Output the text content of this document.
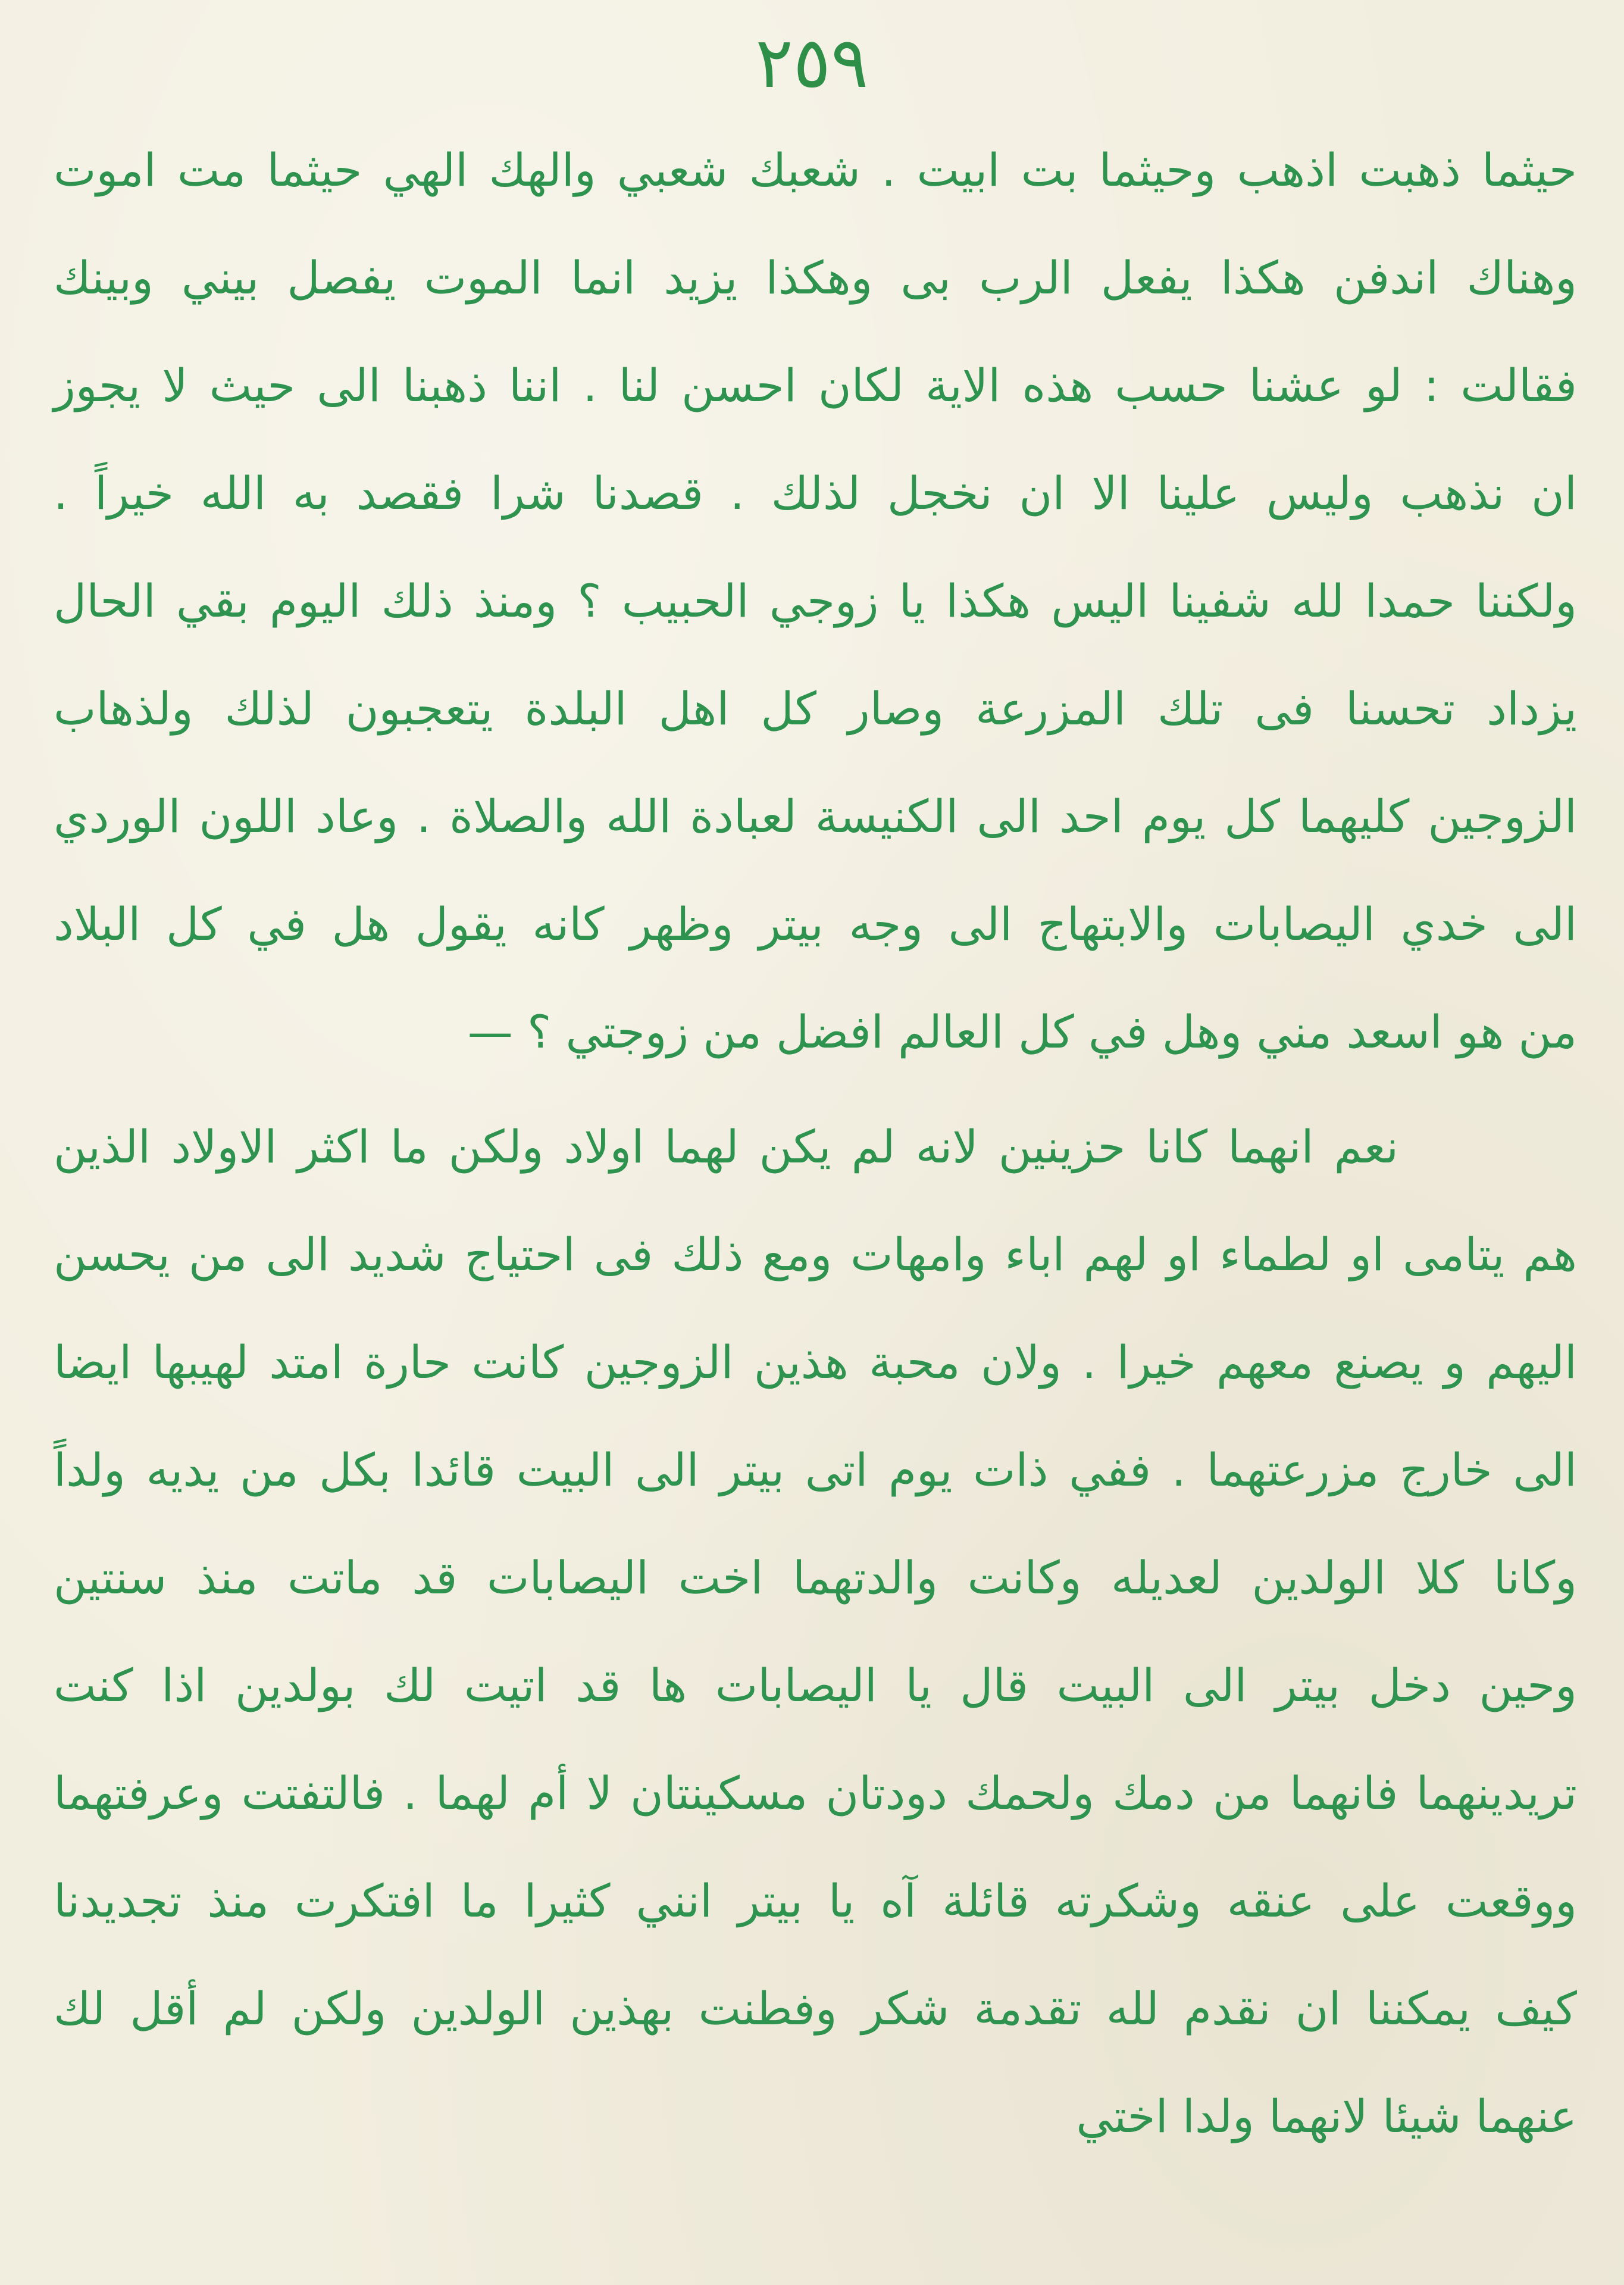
٢٥٩
حيثما ذهبت اذهب وحيثما بت ابيت . شعبك شعبي والهك الهي حيثما مت اموت
وهناك اندفن هكذا يفعل الرب بى وهكذا يزيد انما الموت يفصل بيني وبينك
فقالت : لو عشنا حسب هذه الاية لكان احسن لنا . اننا ذهبنا الى حيث لا يجوز
ان نذهب وليس علينا الا ان نخجل لذلك . قصدنا شرا فقصد به الله خيراً .
ولكننا حمدا لله شفينا اليس هكذا يا زوجي الحبيب ؟ ومنذ ذلك اليوم بقي الحال
يزداد تحسنا فى تلك المزرعة وصار كل اهل البلدة يتعجبون لذلك ولذهاب
الزوجين كليهما كل يوم احد الى الكنيسة لعبادة الله والصلاة . وعاد اللون الوردي
الى خدي اليصابات والابتهاج الى وجه بيتر وظهر كانه يقول هل في كل البلاد
من هو اسعد مني وهل في كل العالم افضل من زوجتي ؟ —
نعم انهما كانا حزينين لانه لم يكن لهما اولاد ولكن ما اكثر الاولاد الذين
هم يتامى او لطماء او لهم اباء وامهات ومع ذلك فى احتياج شديد الى من يحسن
اليهم و يصنع معهم خيرا . ولان محبة هذين الزوجين كانت حارة امتد لهيبها ايضا
الى خارج مزرعتهما . ففي ذات يوم اتى بيتر الى البيت قائدا بكل من يديه ولداً
وكانا كلا الولدين لعديله وكانت والدتهما اخت اليصابات قد ماتت منذ سنتين
وحين دخل بيتر الى البيت قال يا اليصابات ها قد اتيت لك بولدين اذا كنت
تريدينهما فانهما من دمك ولحمك دودتان مسكينتان لا أم لهما . فالتفتت وعرفتهما
ووقعت على عنقه وشكرته قائلة آه يا بيتر انني كثيرا ما افتكرت منذ تجديدنا
كيف يمكننا ان نقدم لله تقدمة شكر وفطنت بهذين الولدين ولكن لم أقل لك
عنهما شيئا لانهما ولدا اختي
